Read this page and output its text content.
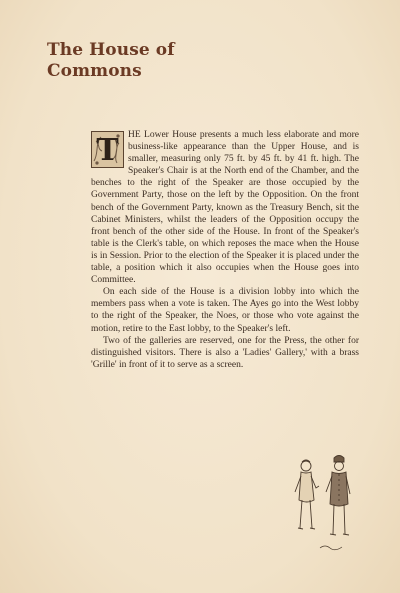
The House of
Commons

T HE Lower House presents a much less elaborate and more business-like appearance than the Upper House, and is smaller, measuring only 75 ft. by 45 ft. by 41 ft. high. The Speaker's Chair is at the North end of the Chamber, and the benches to the right of the Speaker are those occupied by the Government Party, those on the left by the Opposition. On the front bench of the Government Party, known as the Treasury Bench, sit the Cabinet Ministers, whilst the leaders of the Opposition occupy the front bench of the other side of the House. In front of the Speaker's table is the Clerk's table, on which reposes the mace when the House is in Session. Prior to the election of the Speaker it is placed under the table, a position which it also occupies when the House goes into Committee.

On each side of the House is a division lobby into which the members pass when a vote is taken. The Ayes go into the West lobby to the right of the Speaker, the Noes, or those who vote against the motion, retire to the East lobby, to the Speaker's left.

Two of the galleries are reserved, one for the Press, the other for distinguished visitors. There is also a 'Ladies' Gallery,' with a brass 'Grille' in front of it to serve as a screen.
